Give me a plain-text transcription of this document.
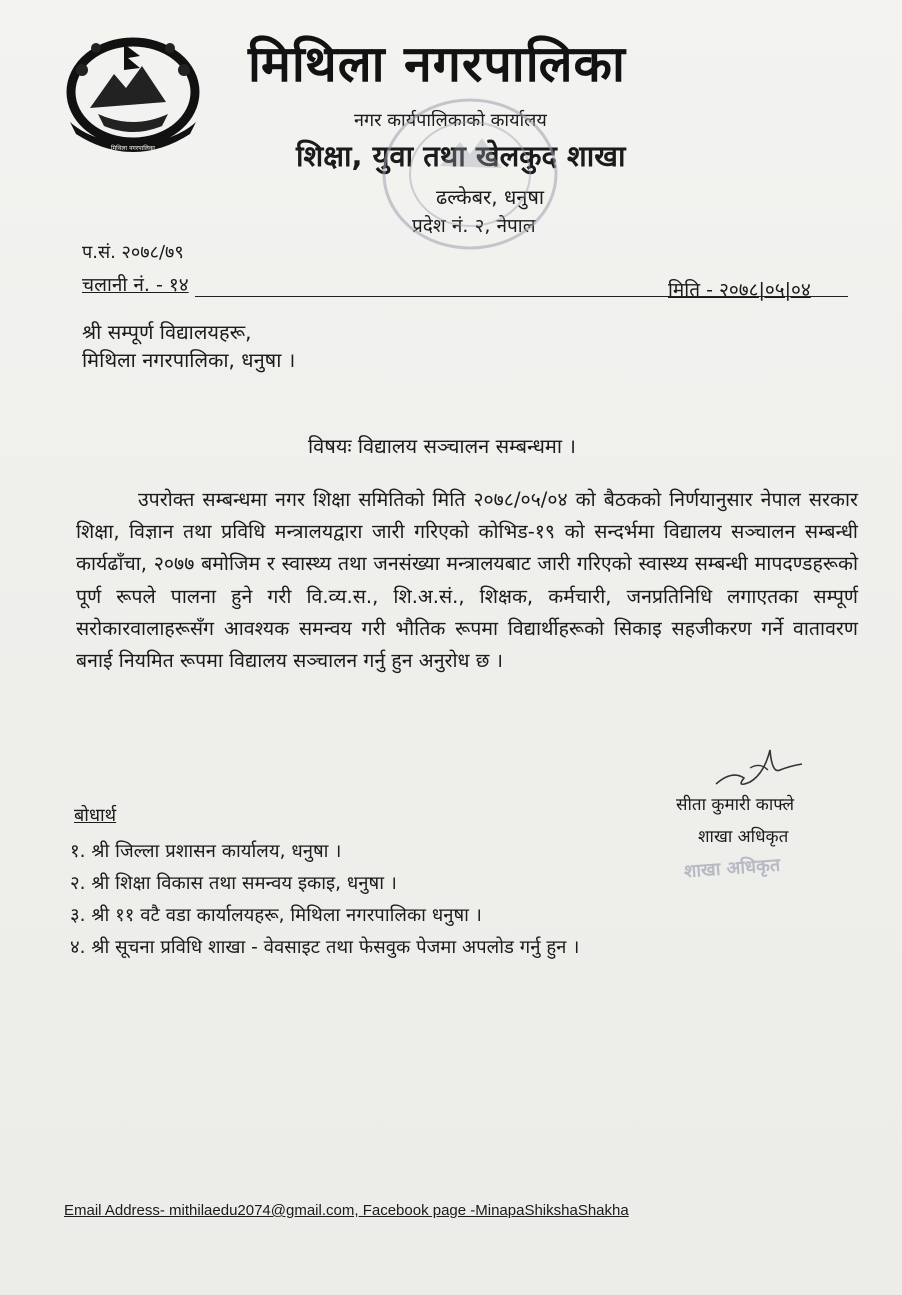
मिथिला नगरपालिका
मिथिला नगरपालिका
नगर कार्यपालिकाको कार्यालय
शिक्षा, युवा तथा खेलकुद शाखा
ढल्केबर, धनुषा
प्रदेश नं. २, नेपाल
प.सं. २०७८/७९
चलानी नं. - १४	मिति - २०७८|०५|०४
श्री सम्पूर्ण विद्यालयहरू,
मिथिला नगरपालिका, धनुषा ।
विषयः विद्यालय सञ्चालन सम्बन्धमा ।

उपरोक्त सम्बन्धमा नगर शिक्षा समितिको मिति २०७८/०५/०४ को बैठकको निर्णयानुसार नेपाल सरकार शिक्षा, विज्ञान तथा प्रविधि मन्त्रालयद्वारा जारी गरिएको कोभिड-१९ को सन्दर्भमा विद्यालय सञ्चालन सम्बन्धी कार्यढाँचा, २०७७ बमोजिम र स्वास्थ्य तथा जनसंख्या मन्त्रालयबाट जारी गरिएको स्वास्थ्य सम्बन्धी मापदण्डहरूको पूर्ण रूपले पालना हुने गरी वि.व्य.स., शि.अ.सं., शिक्षक, कर्मचारी, जनप्रतिनिधि लगाएतका सम्पूर्ण सरोकारवालाहरूसँग आवश्यक समन्वय गरी भौतिक रूपमा विद्यार्थीहरूको सिकाइ सहजीकरण गर्ने वातावरण बनाई नियमित रूपमा विद्यालय सञ्चालन गर्नु हुन अनुरोध छ ।

सीता कुमारी काफ्ले
शाखा अधिकृत
शाखा अधिकृत
बोधार्थ
१. श्री जिल्ला प्रशासन कार्यालय, धनुषा ।
२. श्री शिक्षा विकास तथा समन्वय इकाइ, धनुषा ।
३. श्री ११ वटै वडा कार्यालयहरू, मिथिला नगरपालिका धनुषा ।
४. श्री सूचना प्रविधि शाखा - वेवसाइट तथा फेसवुक पेजमा अपलोड गर्नु हुन ।
Email Address- mithilaedu2074@gmail.com, Facebook page -MinapaShikshaShakha
